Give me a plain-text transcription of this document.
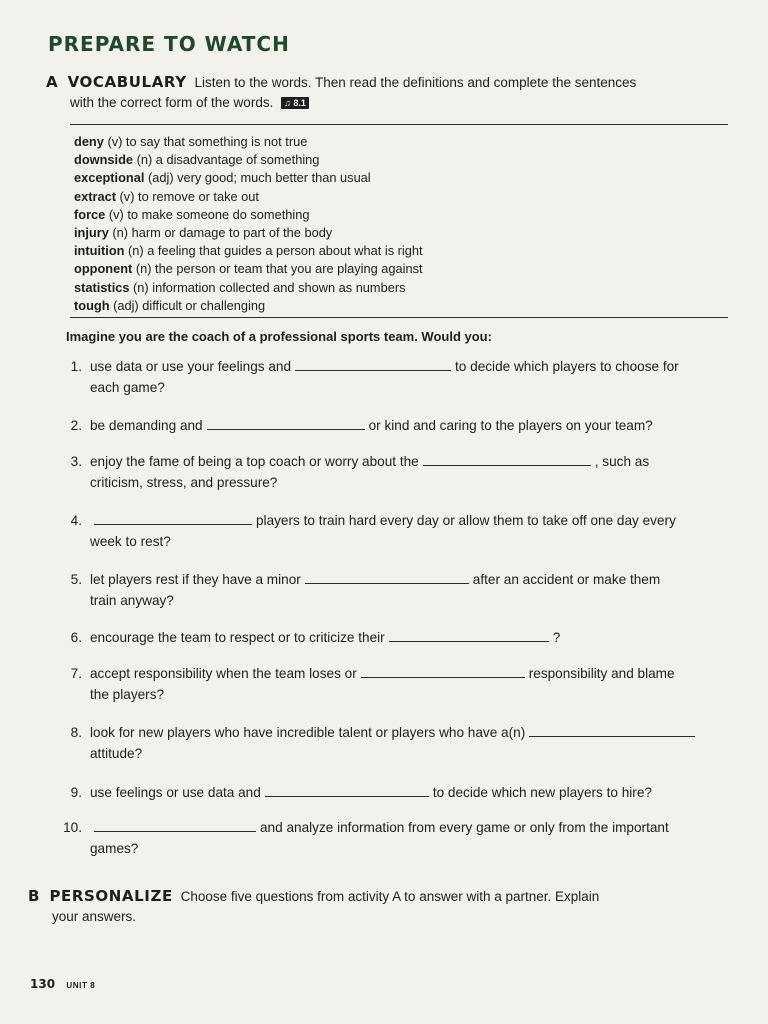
PREPARE TO WATCH
A VOCABULARY Listen to the words. Then read the definitions and complete the sentences
with the correct form of the words. ♫ 8.1
deny (v) to say that something is not true
downside (n) a disadvantage of something
exceptional (adj) very good; much better than usual
extract (v) to remove or take out
force (v) to make someone do something
injury (n) harm or damage to part of the body
intuition (n) a feeling that guides a person about what is right
opponent (n) the person or team that you are playing against
statistics (n) information collected and shown as numbers
tough (adj) difficult or challenging
Imagine you are the coach of a professional sports team. Would you:
1. use data or use your feelings and	to decide which players to choose for
each game?
2. be demanding and	or kind and caring to the players on your team?
3. enjoy the fame of being a top coach or worry about the	, such as
criticism, stress, and pressure?
4.	players to train hard every day or allow them to take off one day every
week to rest?
5. let players rest if they have a minor	after an accident or make them
train anyway?
6. encourage the team to respect or to criticize their	?
7. accept responsibility when the team loses or	responsibility and blame
the players?
8. look for new players who have incredible talent or players who have a(n)
attitude?
9. use feelings or use data and	to decide which new players to hire?
10.	and analyze information from every game or only from the important
games?
B PERSONALIZE Choose five questions from activity A to answer with a partner. Explain
your answers.
130 UNIT 8
